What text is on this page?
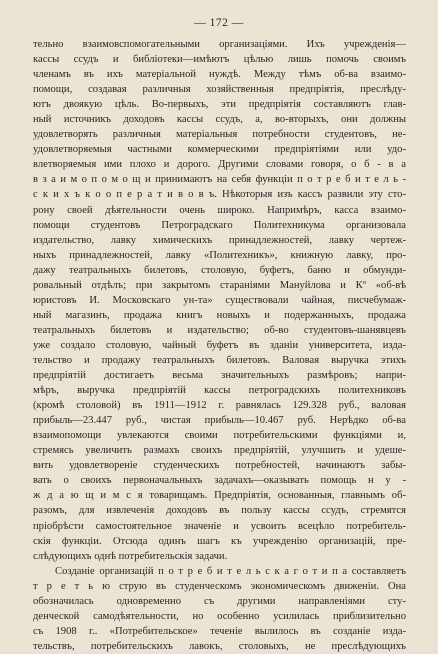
— 172 —
тельно взаимовспомогательными организаціями. Ихъ учрежденія—
кассы ссудъ и библіотеки—имѣютъ цѣлью лишь помочь своимъ
членамъ въ ихъ матеріальной нуждѣ. Между тѣмъ об-ва взаимо-
помощи, создавая различныя хозяйственныя предпріятія, преслѣду-
ютъ двоякую цѣль. Во-первыхъ, эти предпріятія составляютъ глав-
ный источникъ доходовъ кассы ссудъ, а, во-вторыхъ, они должны
удовлетворять различныя матеріальныя потребности студентовъ, не-
удовлетворяемыя частными коммерческими предпріятіями или удо-
влетворяемыя ими плохо и дорого. Другими словами говоря, о б - в а
в з а и м о п о м о щ и принимаютъ на себя функціи п о т р е б и т е л ь -
с к и х ъ к о о п е р а т и в о в ъ. Нѣкоторыя изъ кассъ развили эту сто-
рону своей дѣятельности очень широко. Напримѣръ, касса взаимо-
помощи студентовъ Петроградскаго Политехникума организовала
издательство, лавку химическихъ принадлежностей, лавку чертеж-
ныхъ принадлежностей, лавку «Политехникъ», книжную лавку, про-
дажу театральныхъ билетовъ, столовую, буфетъ, баню и обмунди-
ровальный отдѣлъ; при закрытомъ стараніями Мануйлова и Кº «об-вѣ
юристовъ И. Московскаго ун-та» существовали чайная, писчебумаж-
ный магазинъ, продажа книгъ новыхъ и подержанныхъ, продажа
театральныхъ билетовъ и издательство; об-во студентовъ-шанявцевъ
уже создало столовую, чайный буфетъ въ зданіи университета, изда-
тельство и продажу театральныхъ билетовъ. Валовая выручка этихъ
предпріятій достигаетъ весьма значительныхъ размѣровъ; напри-
мѣръ, выручка предпріятій кассы петроградскихъ политехниковъ
(кромѣ столовой) въ 1911—1912 г. равнялась 129.328 руб., валовая
прибыль—23.447 руб., чистая прибыль—10.467 руб. Нерѣдко об-ва
взаимопомощи увлекаются своими потребительскими функціями и,
стремясь увеличить размахъ своихъ предпріятій, улучшить и удеше-
вить удовлетвореніе студенческихъ потребностей, начинаютъ забы-
вать о своихъ первоначальныхъ задачахъ—оказывать помощь н у -
ж д а ю щ и м с я товарищамъ. Предпріятія, основанныя, главнымъ об-
разомъ, для извлеченія доходовъ въ пользу кассы ссудъ, стремятся
пріобрѣсти самостоятельное значеніе и усвоить всецѣло потребитель-
скія функціи. Отсюда одинъ шагъ къ учрежденію организацій, пре-
слѣдующихъ однѣ потребительскія задачи.
Созданіе организацій п о т р е б и т е л ь с к а г о т и п а составляетъ
т р е т ь ю струю въ студенческомъ экономическомъ движеніи. Она
обозначилась одновременно съ другими направленіями сту-
денческой самодѣятельности, но особенно усилилась приблизительно
съ 1908 г.. «Потребительское» теченіе вылилось въ созданіе изда-
тельствъ, потребительскихъ лавокъ, столовыхъ, не преслѣдующихъ
